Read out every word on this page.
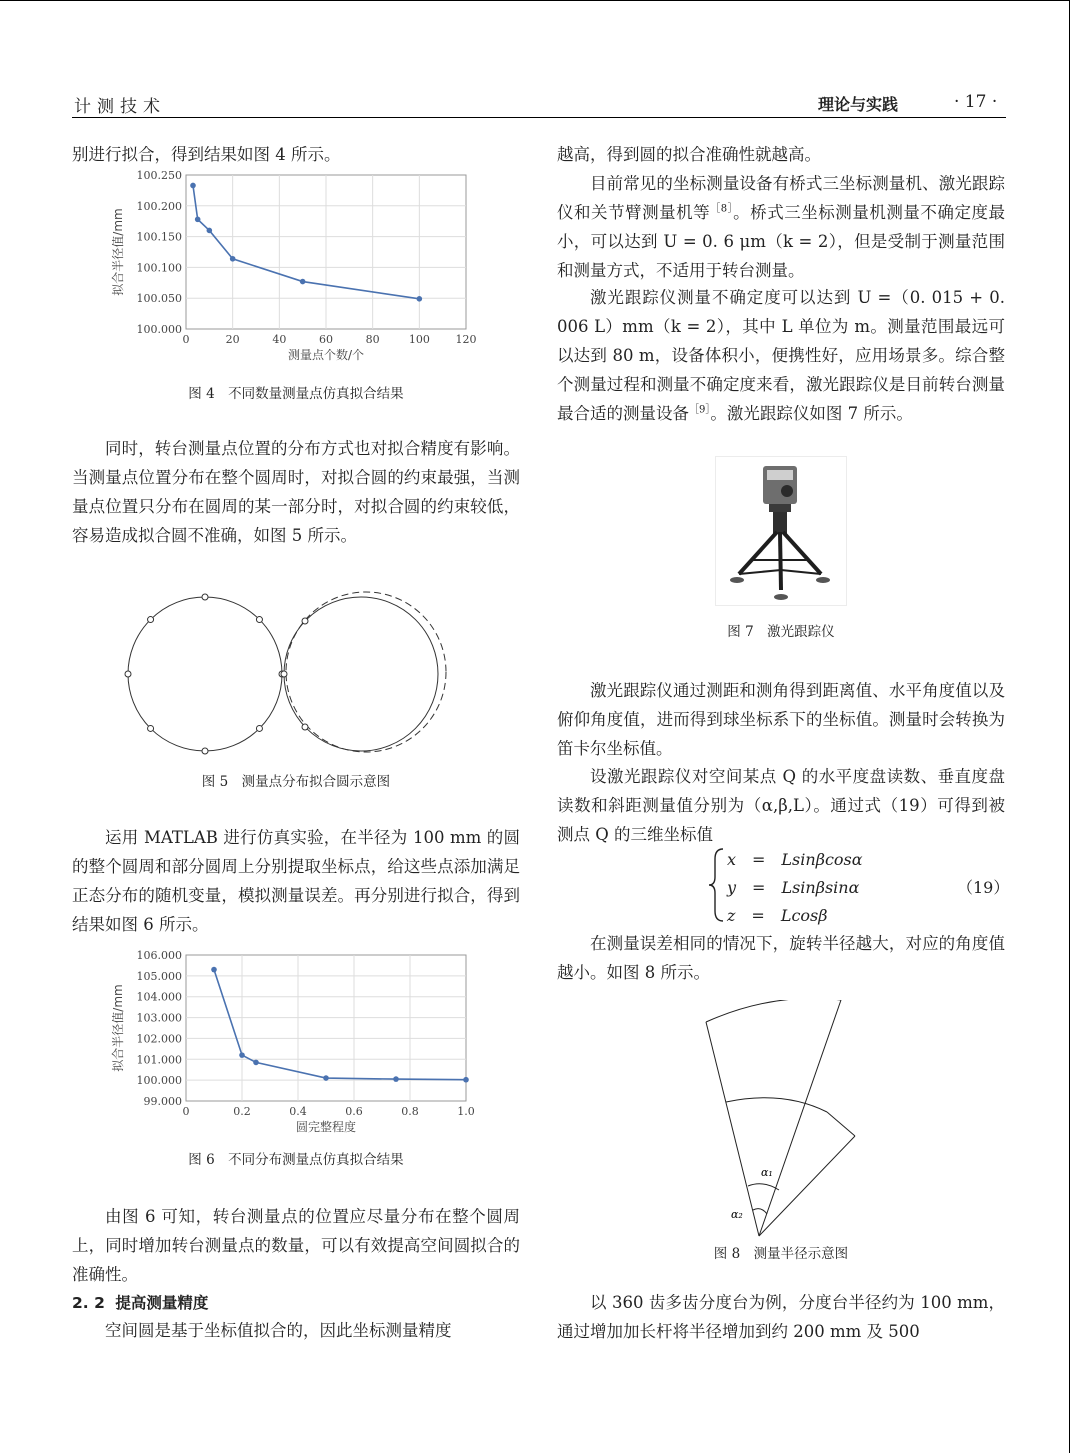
计测技术	理论与实践	· 17 ·

别进行拟合，得到结果如图 4 所示。

100.000
100.050
100.100
100.150
100.200
100.250
0	20	40	60	80	100 120
测量点个数/个
拟合半径值/mm
图 4　不同数量测量点仿真拟合结果

同时，转台测量点位置的分布方式也对拟合精度有影响。当测量点位置分布在整个圆周时，对拟合圆的约束最强，当测量点位置只分布在圆周的某一部分时，对拟合圆的约束较低，容易造成拟合圆不准确，如图 5 所示。

图 5　测量点分布拟合圆示意图

运用 MATLAB 进行仿真实验，在半径为 100 mm 的圆的整个圆周和部分圆周上分别提取坐标点，给这些点添加满足正态分布的随机变量，模拟测量误差。再分别进行拟合，得到结果如图 6 所示。

99.000
100.000
101.000
102.000
103.000
104.000
105.000
106.000
0	0.2	0.4	0.6	0.8	1.0
圆完整程度
拟合半径值/mm
图 6　不同分布测量点仿真拟合结果

由图 6 可知，转台测量点的位置应尽量分布在整个圆周上，同时增加转台测量点的数量，可以有效提高空间圆拟合的准确性。

2. 2 提高测量精度

空间圆是基于坐标值拟合的，因此坐标测量精度

越高，得到圆的拟合准确性就越高。

目前常见的坐标测量设备有桥式三坐标测量机、激光跟踪仪和关节臂测量机等$^{[8]}$。桥式三坐标测量机测量不确定度最小，可以达到 U = 0. 6 μm（k = 2），但是受制于测量范围和测量方式，不适用于转台测量。

激光跟踪仪测量不确定度可以达到 U =（0. 015 + 0. 006 L）mm（k = 2），其中 L 单位为 m。测量范围最远可以达到 80 m，设备体积小，便携性好，应用场景多。综合整个测量过程和测量不确定度来看，激光跟踪仪是目前转台测量最合适的测量设备$^{[9]}$。激光跟踪仪如图 7 所示。

图 7　激光跟踪仪

激光跟踪仪通过测距和测角得到距离值、水平角度值以及俯仰角度值，进而得到球坐标系下的坐标值。测量时会转换为笛卡尔坐标值。

设激光跟踪仪对空间某点 Q 的水平度盘读数、垂直度盘读数和斜距测量值分别为（α,β,L）。通过式（19）可得到被测点 Q 的三维坐标值

x　=　Lsinβcosα
y　=　Lsinβsinα
z　=　Lcosβ
（19）

在测量误差相同的情况下，旋转半径越大，对应的角度值越小。如图 8 所示。

α₁
α₂
图 8　测量半径示意图

以 360 齿多齿分度台为例，分度台半径约为 100 mm，通过增加加长杆将半径增加到约 200 mm 及 500
